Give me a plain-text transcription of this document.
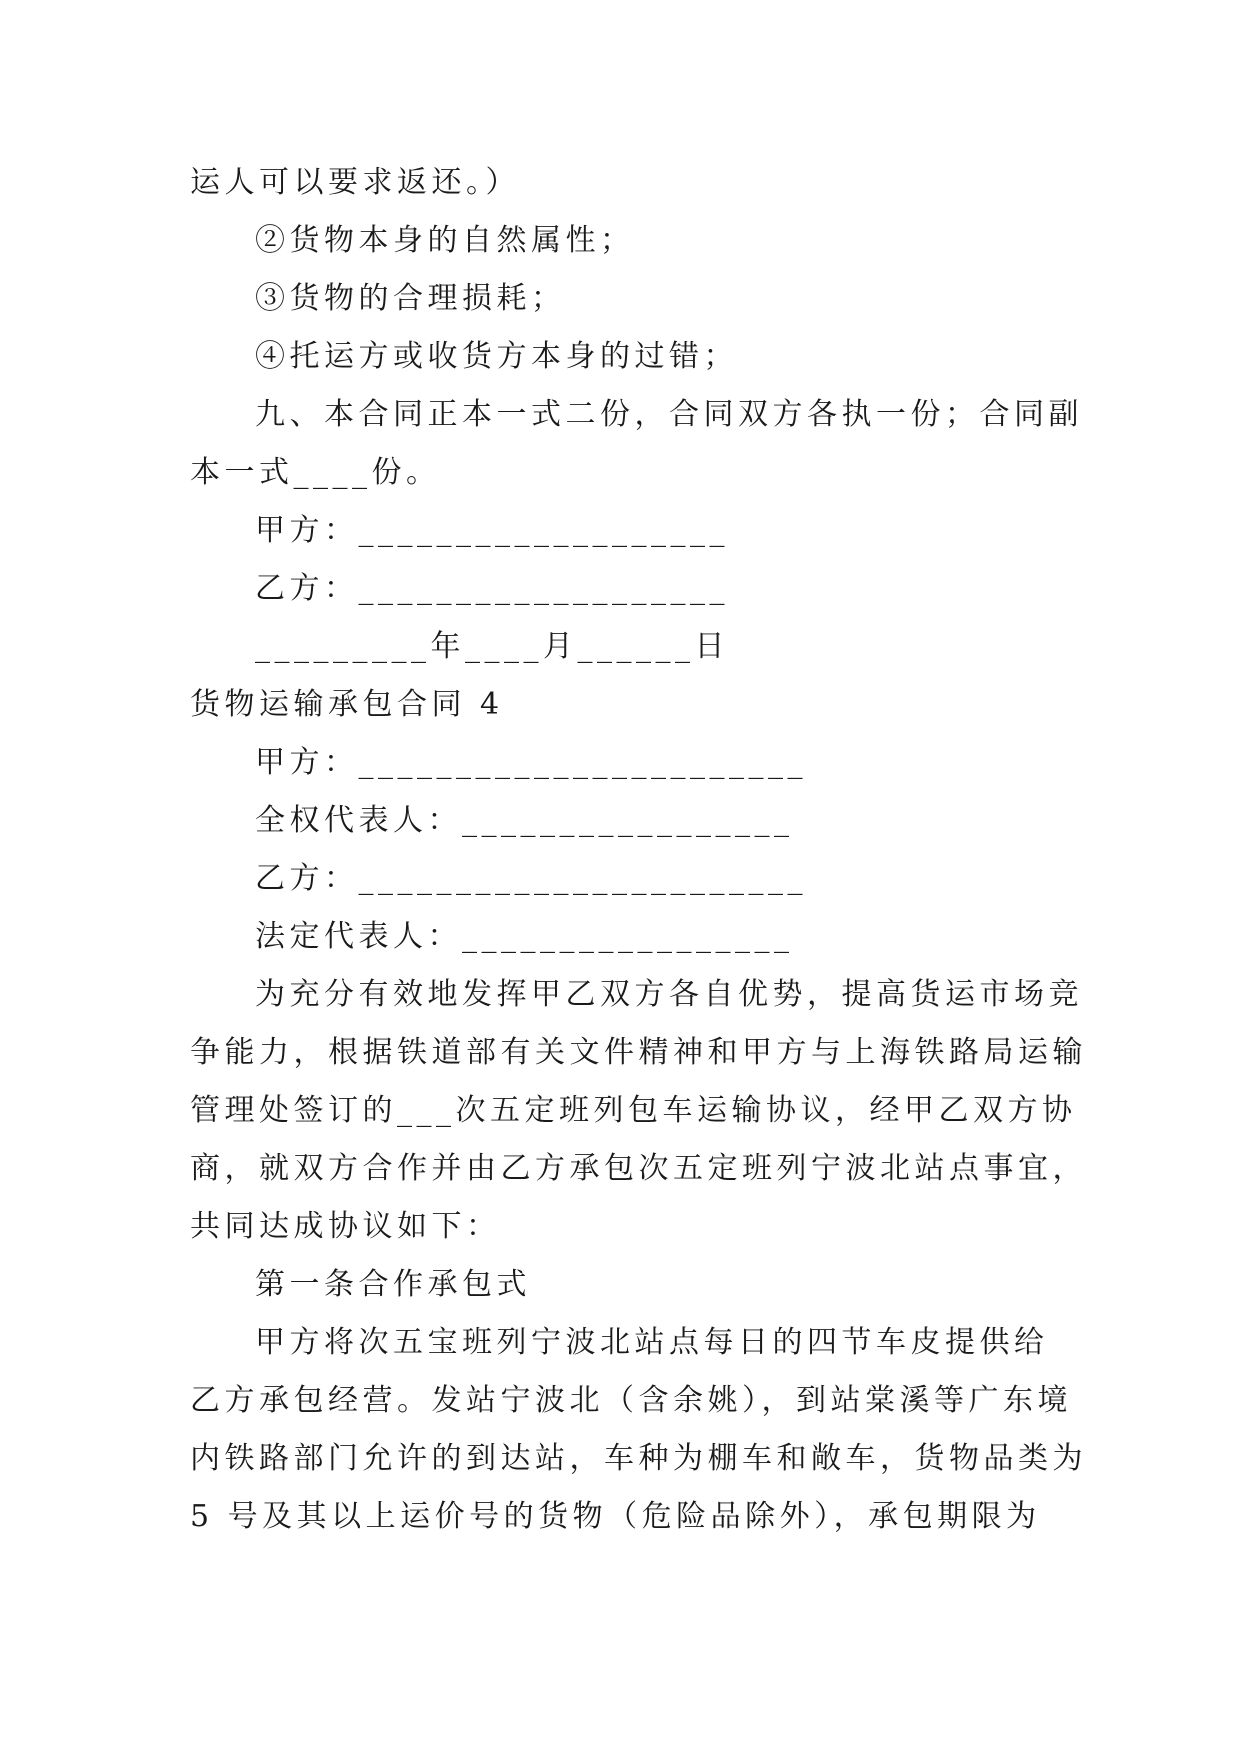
运人可以要求返还。）
②货物本身的自然属性；
③货物的合理损耗；
④托运方或收货方本身的过错；
九、本合同正本一式二份，合同双方各执一份；合同副
本一式____份。
甲方：___________________
乙方：___________________
_________年____月______日
货物运输承包合同 4
甲方：_______________________
全权代表人：_________________
乙方：_______________________
法定代表人：_________________
为充分有效地发挥甲乙双方各自优势，提高货运市场竞
争能力，根据铁道部有关文件精神和甲方与上海铁路局运输
管理处签订的___次五定班列包车运输协议，经甲乙双方协
商，就双方合作并由乙方承包次五定班列宁波北站点事宜，
共同达成协议如下：
第一条合作承包式
甲方将次五宝班列宁波北站点每日的四节车皮提供给
乙方承包经营。发站宁波北（含余姚），到站棠溪等广东境
内铁路部门允许的到达站，车种为棚车和敞车，货物品类为
5 号及其以上运价号的货物（危险品除外），承包期限为
